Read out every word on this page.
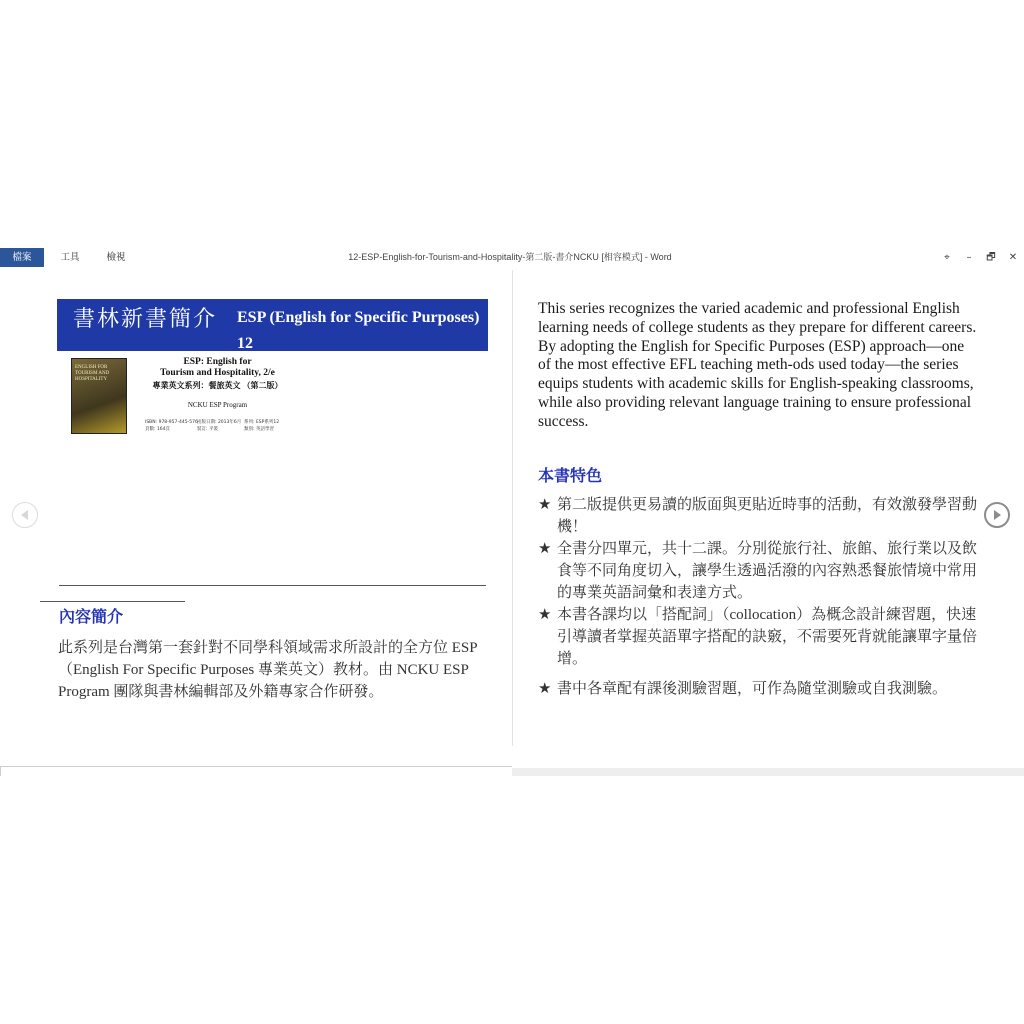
檔案	工具	檢視	12-ESP-English-for-Tourism-and-Hospitality-第二版-書介NCKU [相容模式] - Word	⌖	–	🗗	✕
書林新書簡介 ESP (English for Specific Purposes) 12
ENGLISH FOR TOURISM AND HOSPITALITY
ESP: English for
Tourism and Hospitality, 2/e
專業英文系列：餐旅英文 （第二版）
NCKU ESP Program
ISBN: 978-957-445-576-
頁數: 164頁
出版日期: 2013年6月
裝訂: 平裝
系列: ESP系列12
類別: 英語學習
內容簡介
此系列是台灣第一套針對不同學科領域需求所設計的全方位 ESP（English For Specific Purposes 專業英文）教材。由 NCKU ESP Program 團隊與書林編輯部及外籍專家合作研發。
This series recognizes the varied academic and professional English learning needs of college students as they prepare for different careers. By adopting the English for Specific Purposes (ESP) approach—one of the most effective EFL teaching meth-ods used today—the series equips students with academic skills for English-speaking classrooms, while also providing relevant language training to ensure professional success.
本書特色
★ 第二版提供更易讀的版面與更貼近時事的活動，有效激發學習動機！
★ 全書分四單元，共十二課。分別從旅行社、旅館、旅行業以及飲食等不同角度切入，讓學生透過活潑的內容熟悉餐旅情境中常用的專業英語詞彙和表達方式。
★ 本書各課均以「搭配詞」（collocation）為概念設計練習題，快速引導讀者掌握英語單字搭配的訣竅，不需要死背就能讓單字量倍增。
★ 書中各章配有課後測驗習題，可作為隨堂測驗或自我測驗。
